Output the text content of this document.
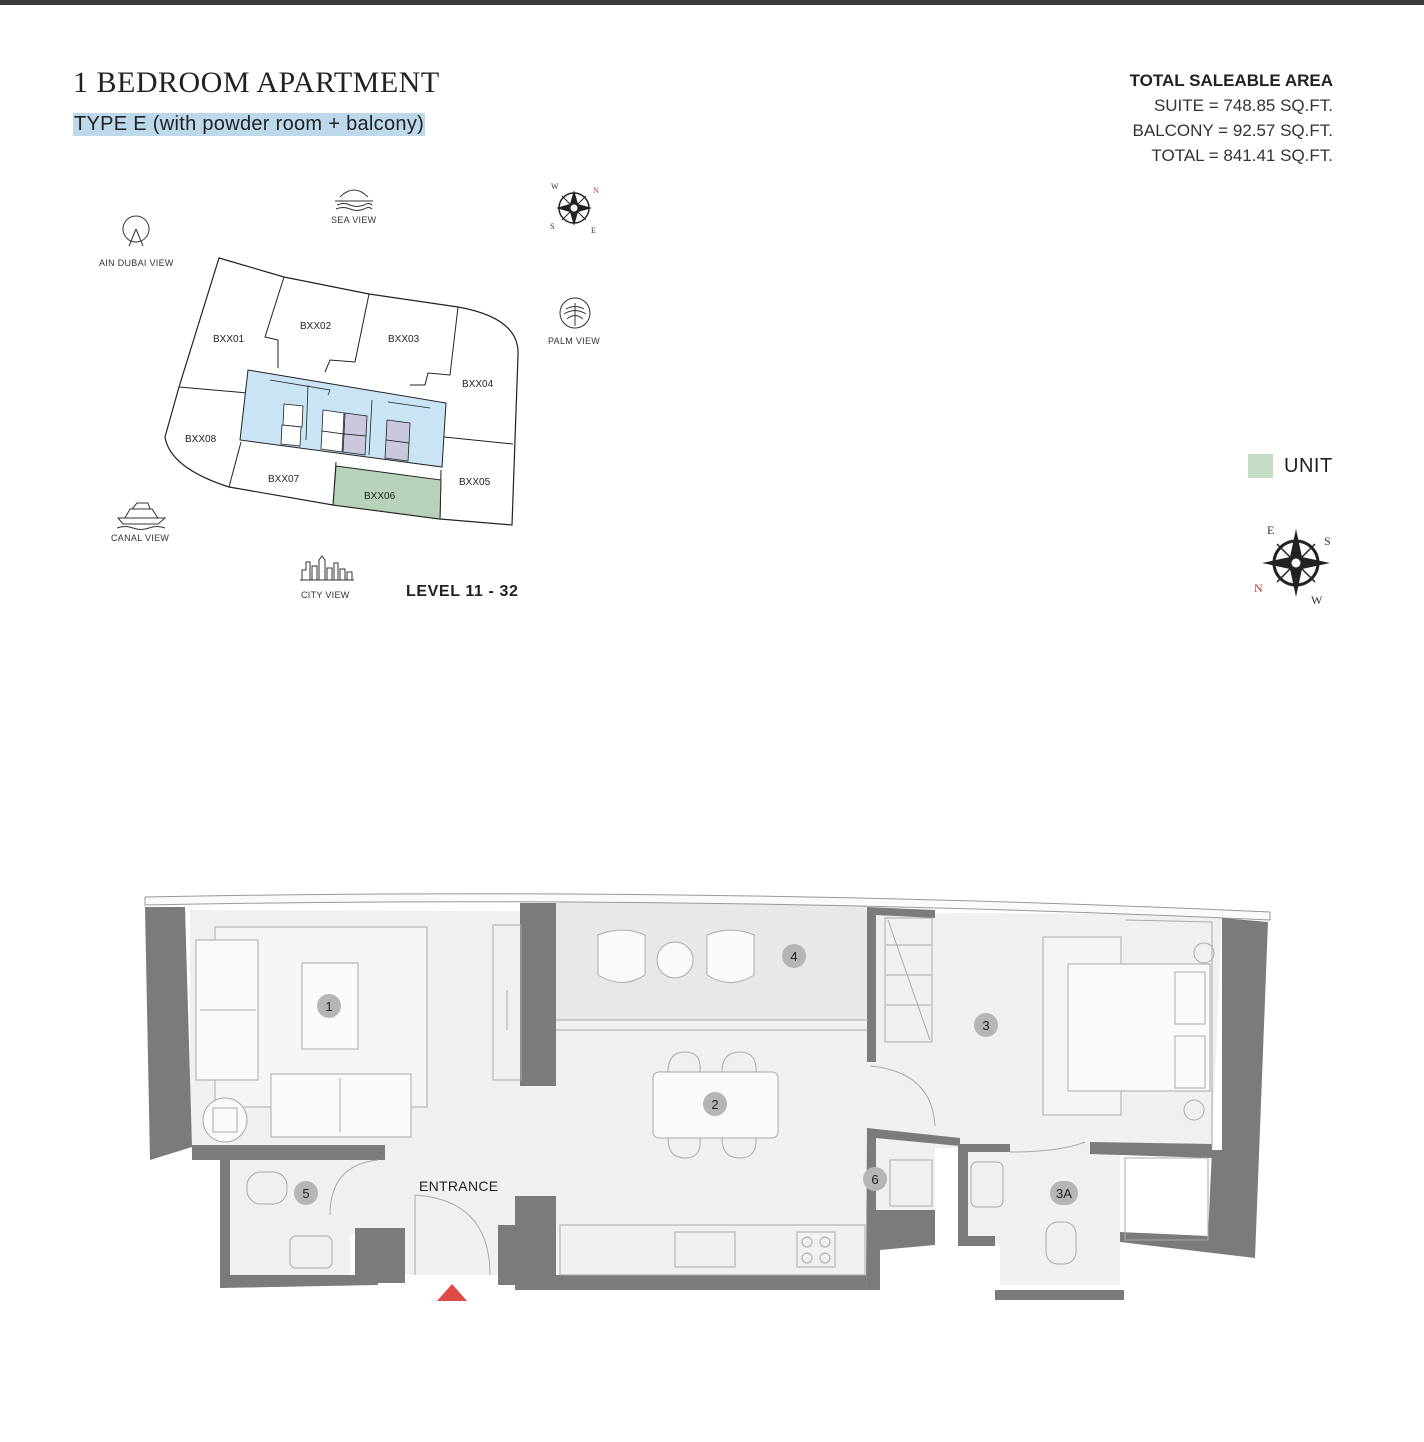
1 BEDROOM APARTMENT
TYPE E (with powder room + balcony)
TOTAL SALEABLE AREA
SUITE = 748.85 SQ.FT.
BALCONY = 92.57 SQ.FT.
TOTAL = 841.41 SQ.FT.
BXX01
BXX02
BXX03
BXX04
BXX05
BXX06
BXX07
BXX08
W	N
S	E
E
S
N
W
1
2
3
3A
4
5
6
SEA VIEW
AIN DUBAI VIEW
PALM VIEW
CANAL VIEW
CITY VIEW	LEVEL 11 - 32
UNIT
ENTRANCE
